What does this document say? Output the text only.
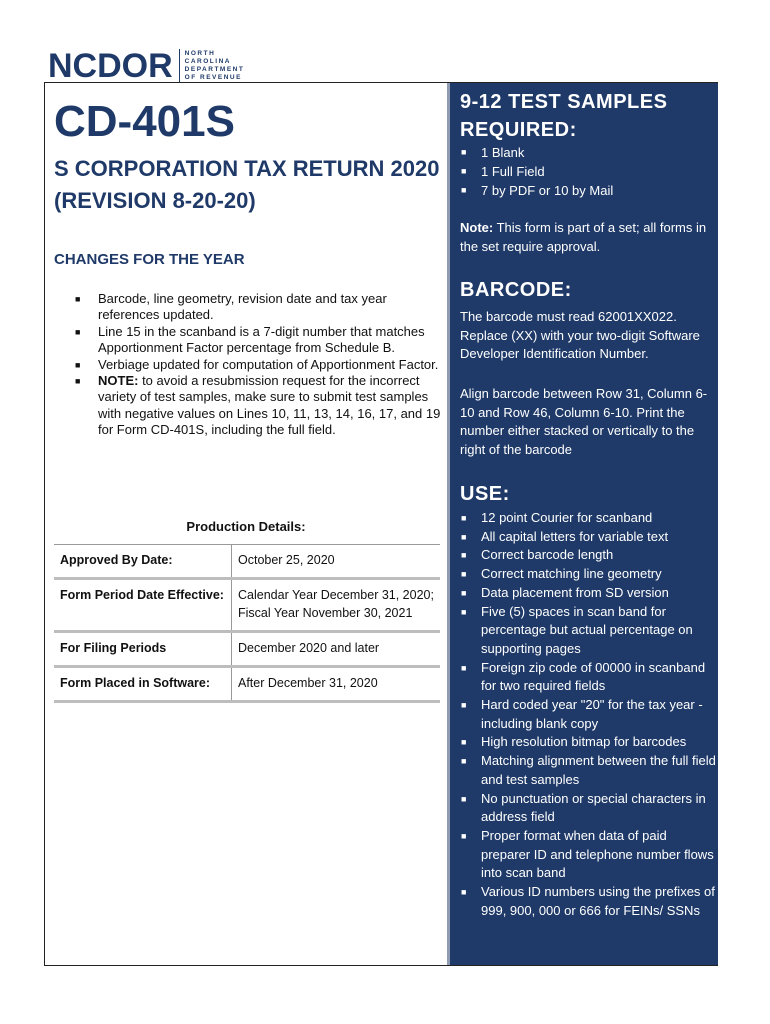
NCDOR NORTH
CAROLINA
DEPARTMENT
OF REVENUE
CD-401S
S CORPORATION TAX RETURN 2020 (REVISION 8-20-20)
CHANGES FOR THE YEAR
■ Barcode, line geometry, revision date and tax year references updated.
■ Line 15 in the scanband is a 7-digit number that matches Apportionment Factor percentage from Schedule B.
■ Verbiage updated for computation of Apportionment Factor.
■ NOTE: to avoid a resubmission request for the incorrect variety of test samples, make sure to submit test samples with negative values on Lines 10, 11, 13, 14, 16, 17, and 19 for Form CD-401S, including the full field.
Production Details:
Approved By Date:	October 25, 2020
Form Period Date Effective:	Calendar Year December 31, 2020; Fiscal Year November 30, 2021
For Filing Periods	December 2020 and later
Form Placed in Software:	After December 31, 2020
9-12 TEST SAMPLES REQUIRED:
■ 1 Blank
■ 1 Full Field
■ 7 by PDF or 10 by Mail

Note: This form is part of a set; all forms in the set require approval.

BARCODE:

The barcode must read 62001XX022. Replace (XX) with your two-digit Software Developer Identification Number.

Align barcode between Row 31, Column 6-10 and Row 46, Column 6-10. Print the number either stacked or vertically to the right of the barcode

USE:
■ 12 point Courier for scanband
■ All capital letters for variable text
■ Correct barcode length
■ Correct matching line geometry
■ Data placement from SD version
■ Five (5) spaces in scan band for percentage but actual percentage on supporting pages
■ Foreign zip code of 00000 in scanband for two required fields
■ Hard coded year "20" for the tax year - including blank copy
■ High resolution bitmap for barcodes
■ Matching alignment between the full field and test samples
■ No punctuation or special characters in address field
■ Proper format when data of paid preparer ID and telephone number flows into scan band
■ Various ID numbers using the prefixes of 999, 900, 000 or 666 for FEINs/ SSNs
